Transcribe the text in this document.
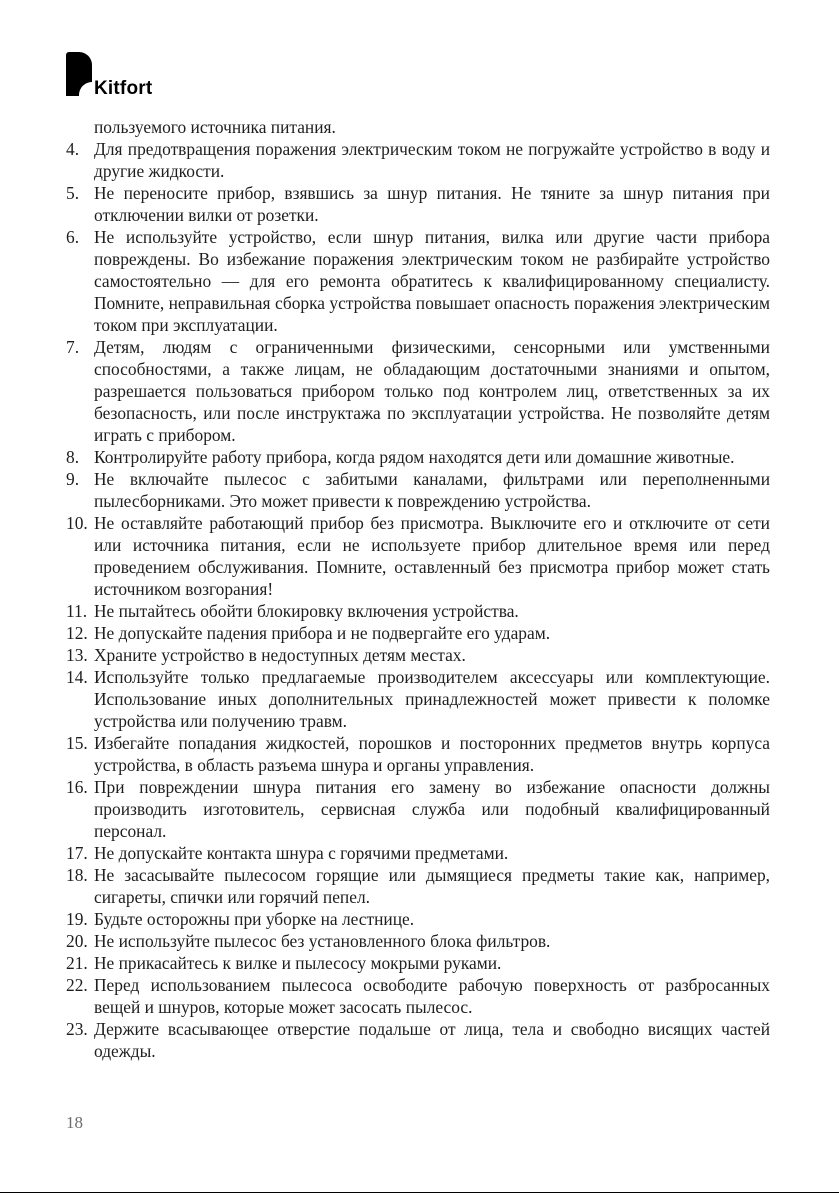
Kitfort

пользуемого источника питания.

4. Для предотвращения поражения электрическим током не погружайте устройство в воду и другие жидкости.
5. Не переносите прибор, взявшись за шнур питания. Не тяните за шнур питания при отключении вилки от розетки.
6. Не используйте устройство, если шнур питания, вилка или другие части прибора повреждены. Во избежание поражения электрическим током не разбирайте устройство самостоятельно — для его ремонта обратитесь к квалифицированному специалисту. Помните, неправильная сборка устройства повышает опасность поражения электрическим током при эксплуатации.
7. Детям, людям с ограниченными физическими, сенсорными или умственными способностями, а также лицам, не обладающим достаточными знаниями и опытом, разрешается пользоваться прибором только под контролем лиц, ответственных за их безопасность, или после инструктажа по эксплуатации устройства. Не позволяйте детям играть с прибором.
8. Контролируйте работу прибора, когда рядом находятся дети или домашние животные.
9. Не включайте пылесос с забитыми каналами, фильтрами или переполненными пылесборниками. Это может привести к повреждению устройства.
10. Не оставляйте работающий прибор без присмотра. Выключите его и отключите от сети или источника питания, если не используете прибор длительное время или перед проведением обслуживания. Помните, оставленный без присмотра прибор может стать источником возгорания!
11. Не пытайтесь обойти блокировку включения устройства.
12. Не допускайте падения прибора и не подвергайте его ударам.
13. Храните устройство в недоступных детям местах.
14. Используйте только предлагаемые производителем аксессуары или комплектующие. Использование иных дополнительных принадлежностей может привести к поломке устройства или получению травм.
15. Избегайте попадания жидкостей, порошков и посторонних предметов внутрь корпуса устройства, в область разъема шнура и органы управления.
16. При повреждении шнура питания его замену во избежание опасности должны производить изготовитель, сервисная служба или подобный квалифицированный персонал.
17. Не допускайте контакта шнура с горячими предметами.
18. Не засасывайте пылесосом горящие или дымящиеся предметы такие как, например, сигареты, спички или горячий пепел.
19. Будьте осторожны при уборке на лестнице.
20. Не используйте пылесос без установленного блока фильтров.
21. Не прикасайтесь к вилке и пылесосу мокрыми руками.
22. Перед использованием пылесоса освободите рабочую поверхность от разбросанных вещей и шнуров, которые может засосать пылесос.
23. Держите всасывающее отверстие подальше от лица, тела и свободно висящих частей одежды.
18
